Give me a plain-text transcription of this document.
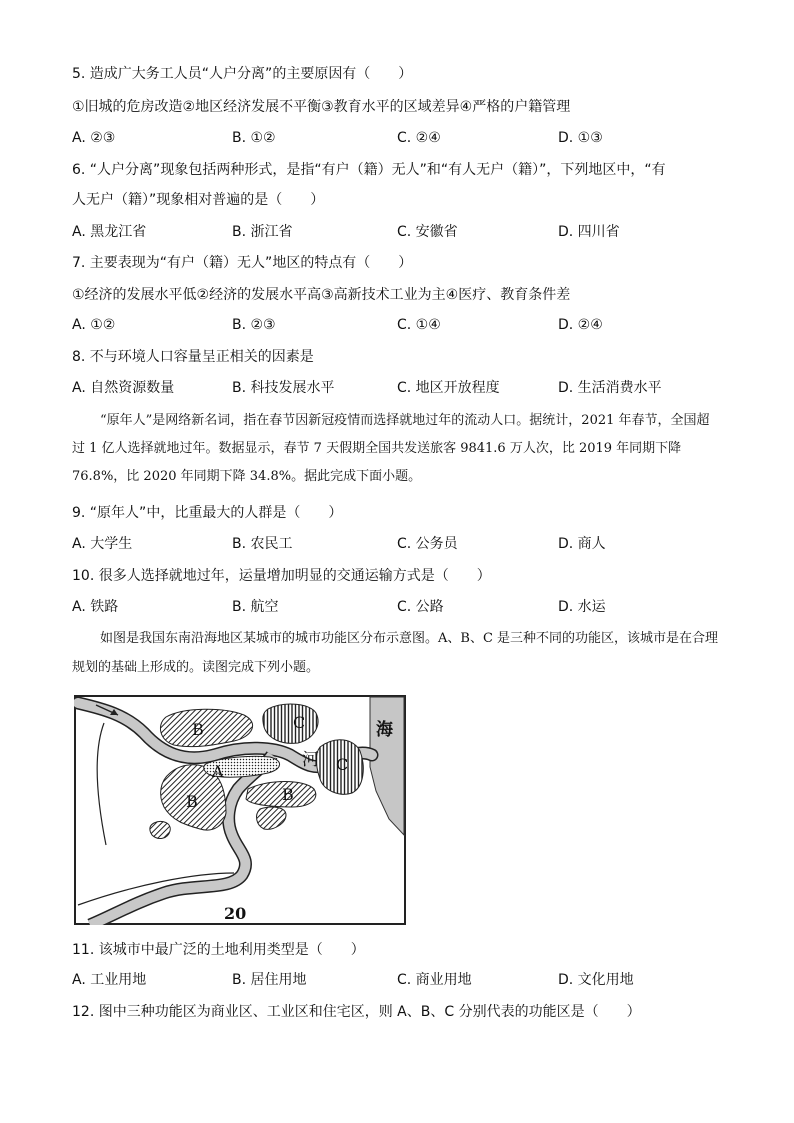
5. 造成广大务工人员“人户分离”的主要原因有（　　）
①旧城的危房改造②地区经济发展不平衡③教育水平的区域差异④严格的户籍管理
A. ②③	B. ①②	C. ②④	D. ①③
6. “人户分离”现象包括两种形式，是指“有户（籍）无人”和“有人无户（籍）”，下列地区中，“有
人无户（籍）”现象相对普遍的是（　　）
A. 黑龙江省	B. 浙江省	C. 安徽省	D. 四川省
7. 主要表现为“有户（籍）无人”地区的特点有（　　）
①经济的发展水平低②经济的发展水平高③高新技术工业为主④医疗、教育条件差
A. ①②	B. ②③	C. ①④	D. ②④
8. 不与环境人口容量呈正相关的因素是
A. 自然资源数量	B. 科技发展水平	C. 地区开放程度	D. 生活消费水平
“原年人”是网络新名词，指在春节因新冠疫情而选择就地过年的流动人口。据统计，2021 年春节，全国超过 1 亿人选择就地过年。数据显示，春节 7 天假期全国共发送旅客 9841.6 万人次，比 2019 年同期下降 76.8%，比 2020 年同期下降 34.8%。据此完成下面小题。
9. “原年人”中，比重最大的人群是（　　）
A. 大学生	B. 农民工	C. 公务员	D. 商人
10. 很多人选择就地过年，运量增加明显的交通运输方式是（　　）
A. 铁路	B. 航空	C. 公路	D. 水运
如图是我国东南沿海地区某城市的城市功能区分布示意图。A、B、C 是三种不同的功能区，该城市是在合理规划的基础上形成的。读图完成下列小题。
海
河
B
B	B
A
C
C
20
11. 该城市中最广泛的土地利用类型是（　　）
A. 工业用地	B. 居住用地	C. 商业用地	D. 文化用地
12. 图中三种功能区为商业区、工业区和住宅区，则 A、B、C 分别代表的功能区是（　　）
